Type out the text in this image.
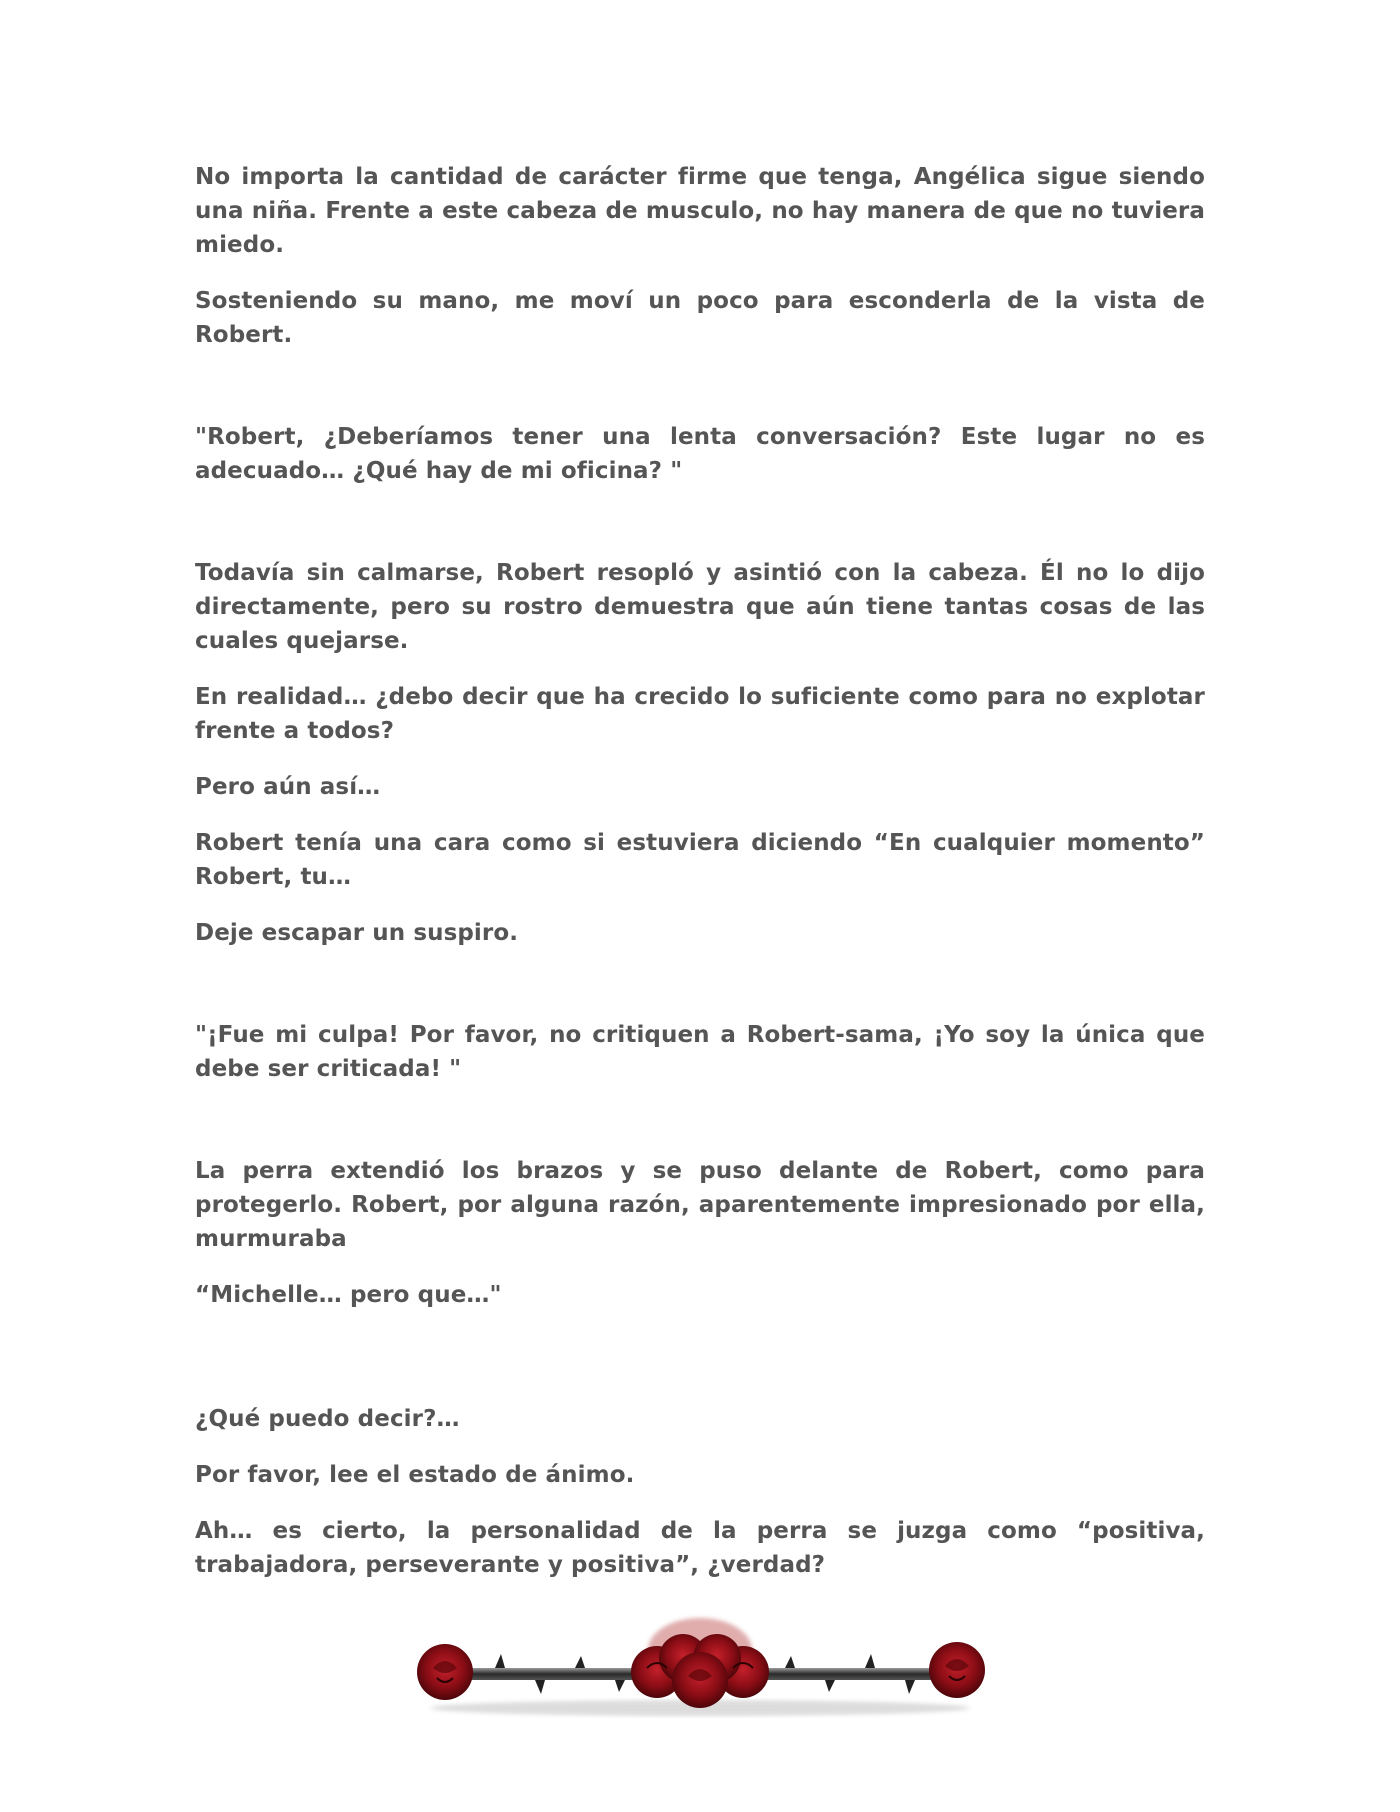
No importa la cantidad de carácter firme que tenga, Angélica sigue siendo una niña. Frente a este cabeza de musculo, no hay manera de que no tuviera miedo.

Sosteniendo su mano, me moví un poco para esconderla de la vista de Robert.

"Robert, ¿Deberíamos tener una lenta conversación? Este lugar no es adecuado… ¿Qué hay de mi oficina? "

Todavía sin calmarse, Robert resopló y asintió con la cabeza. Él no lo dijo directamente, pero su rostro demuestra que aún tiene tantas cosas de las cuales quejarse.

En realidad… ¿debo decir que ha crecido lo suficiente como para no explotar frente a todos?

Pero aún así…

Robert tenía una cara como si estuviera diciendo “En cualquier momento” Robert, tu…

Deje escapar un suspiro.

"¡Fue mi culpa! Por favor, no critiquen a Robert-sama, ¡Yo soy la única que debe ser criticada! "

La perra extendió los brazos y se puso delante de Robert, como para protegerlo. Robert, por alguna razón, aparentemente impresionado por ella, murmuraba

“Michelle… pero que…"

¿Qué puedo decir?…

Por favor, lee el estado de ánimo.

Ah… es cierto, la personalidad de la perra se juzga como “positiva, trabajadora, perseverante y positiva”, ¿verdad?
